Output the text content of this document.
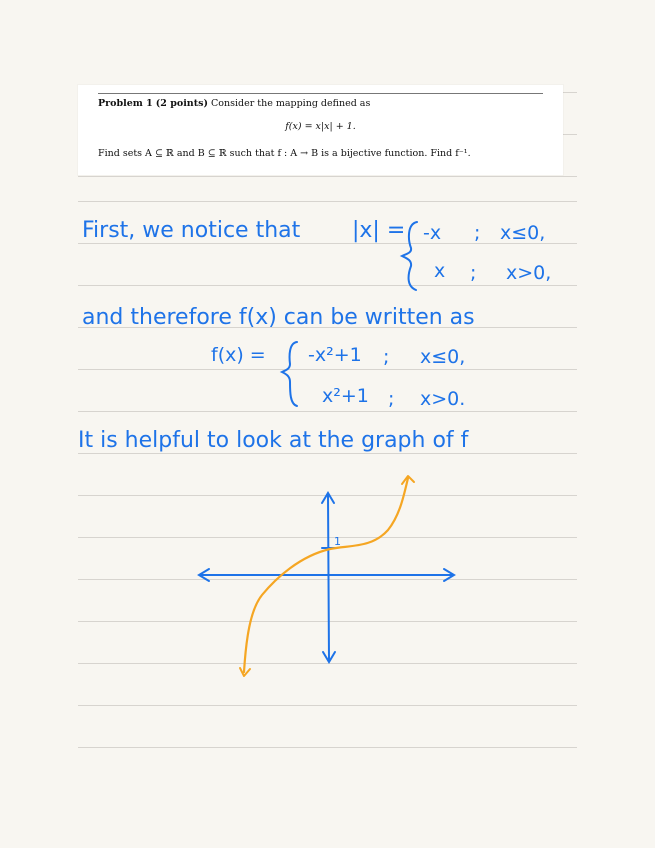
Problem 1 (2 points) Consider the mapping defined as
f(x) = x|x| + 1.
Find sets A ⊆ ℝ and B ⊆ ℝ such that f : A → B is a bijective function. Find f⁻¹.
First, we notice that |x| = -x ; x≤0,
x ; x>0,
and therefore f(x) can be written as
f(x) = -x²+1 ; x≤0,
x²+1 ; x>0.
It is helpful to look at the graph of f
1
